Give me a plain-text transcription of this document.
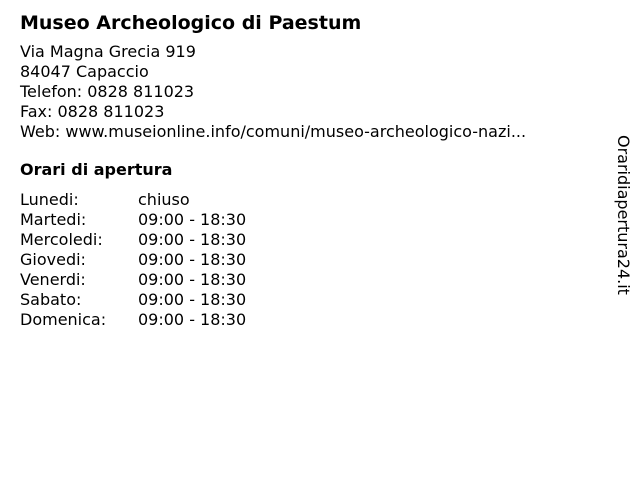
Museo Archeologico di Paestum
Via Magna Grecia 919
84047 Capaccio
Telefon: 0828 811023
Fax: 0828 811023
Web: www.museionline.info/comuni/museo-archeologico-nazi...
Orari di apertura
Lunedi:	chiuso
Martedi:	09:00 - 18:30
Mercoledi:	09:00 - 18:30
Giovedi:	09:00 - 18:30
Venerdi:	09:00 - 18:30
Sabato:	09:00 - 18:30
Domenica:	09:00 - 18:30
Oraridiapertura24.it
